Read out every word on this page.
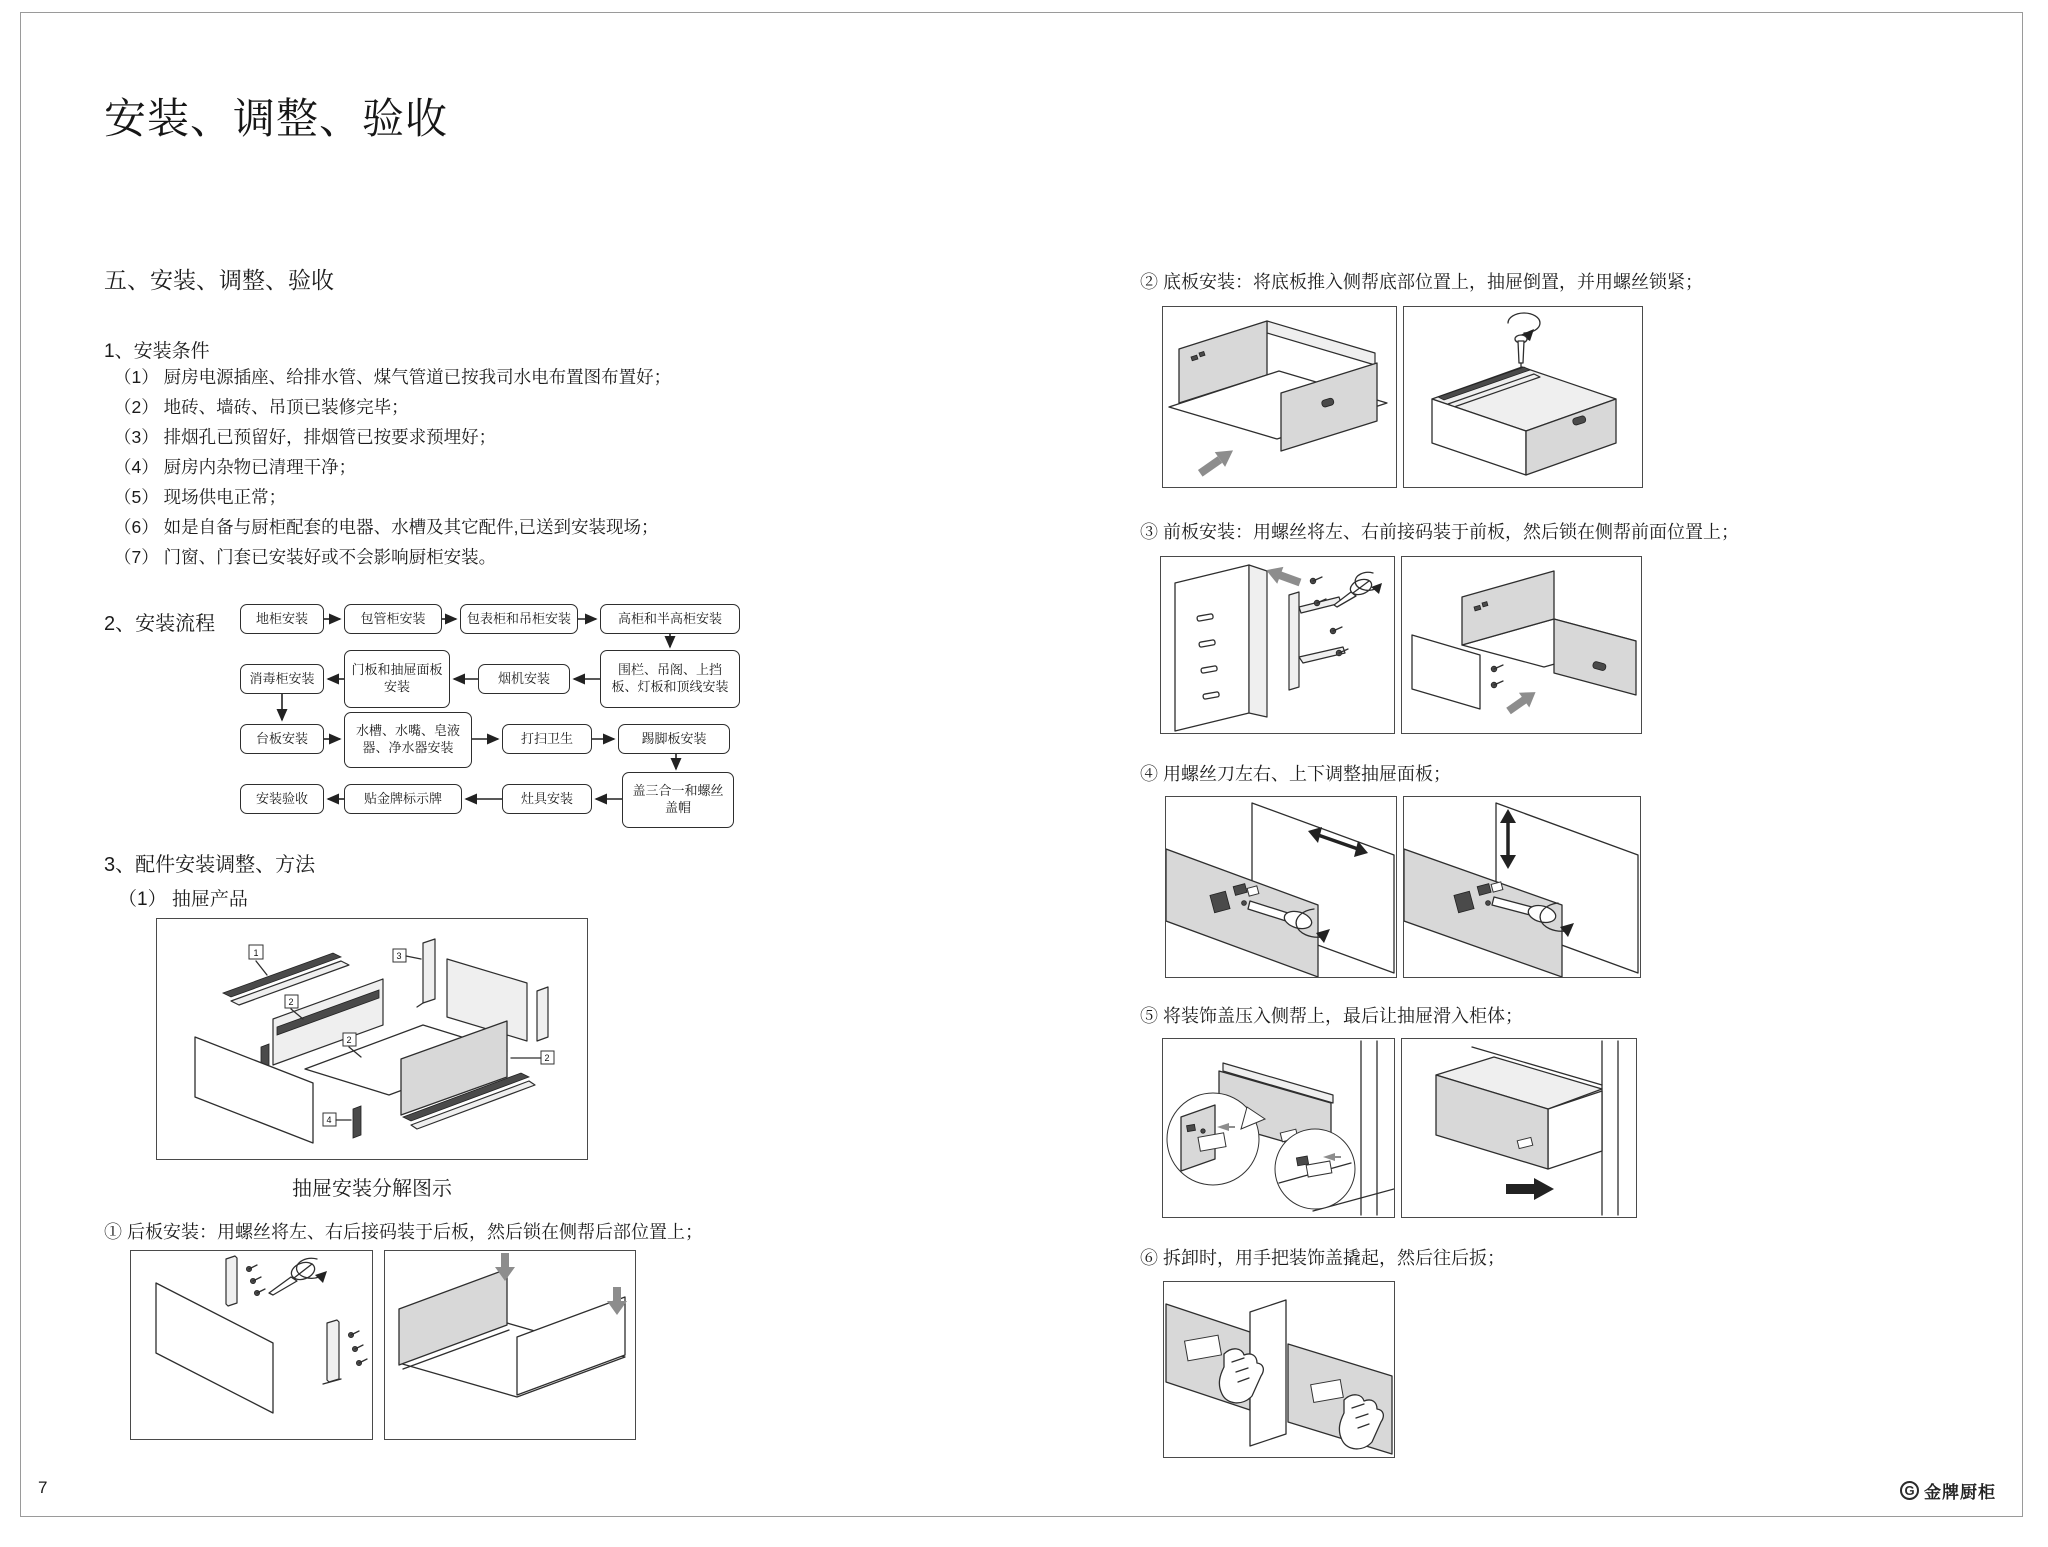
安装、调整、验收
五、安装、调整、验收
1、安装条件
（1） 厨房电源插座、给排水管、煤气管道已按我司水电布置图布置好；
（2） 地砖、墙砖、吊顶已装修完毕；
（3） 排烟孔已预留好，排烟管已按要求预埋好；
（4） 厨房内杂物已清理干净；
（5） 现场供电正常；
（6） 如是自备与厨柜配套的电器、水槽及其它配件,已送到安装现场；
（7） 门窗、门套已安装好或不会影响厨柜安装。
2、安装流程	地柜安装	包管柜安装	包表柜和吊柜安装	高柜和半高柜安装
围栏、吊阁、上挡板、灯板和顶线安装
烟机安装
门板和抽屉面板安装
消毒柜安装
台板安装	水槽、水嘴、皂液器、净水器安装
打扫卫生	踢脚板安装
盖三合一和螺丝盖帽
灶具安装
贴金牌标示牌
安装验收
3、配件安装调整、方法
（1） 抽屉产品
1
2
2
3
2
4
抽屉安装分解图示
① 后板安装：用螺丝将左、右后接码装于后板，然后锁在侧帮后部位置上；
② 底板安装：将底板推入侧帮底部位置上，抽屉倒置，并用螺丝锁紧；
③ 前板安装：用螺丝将左、右前接码装于前板，然后锁在侧帮前面位置上；
④ 用螺丝刀左右、上下调整抽屉面板；
⑤ 将装饰盖压入侧帮上，最后让抽屉滑入柜体；
⑥ 拆卸时，用手把装饰盖撬起，然后往后扳；
7	G 金牌厨柜
